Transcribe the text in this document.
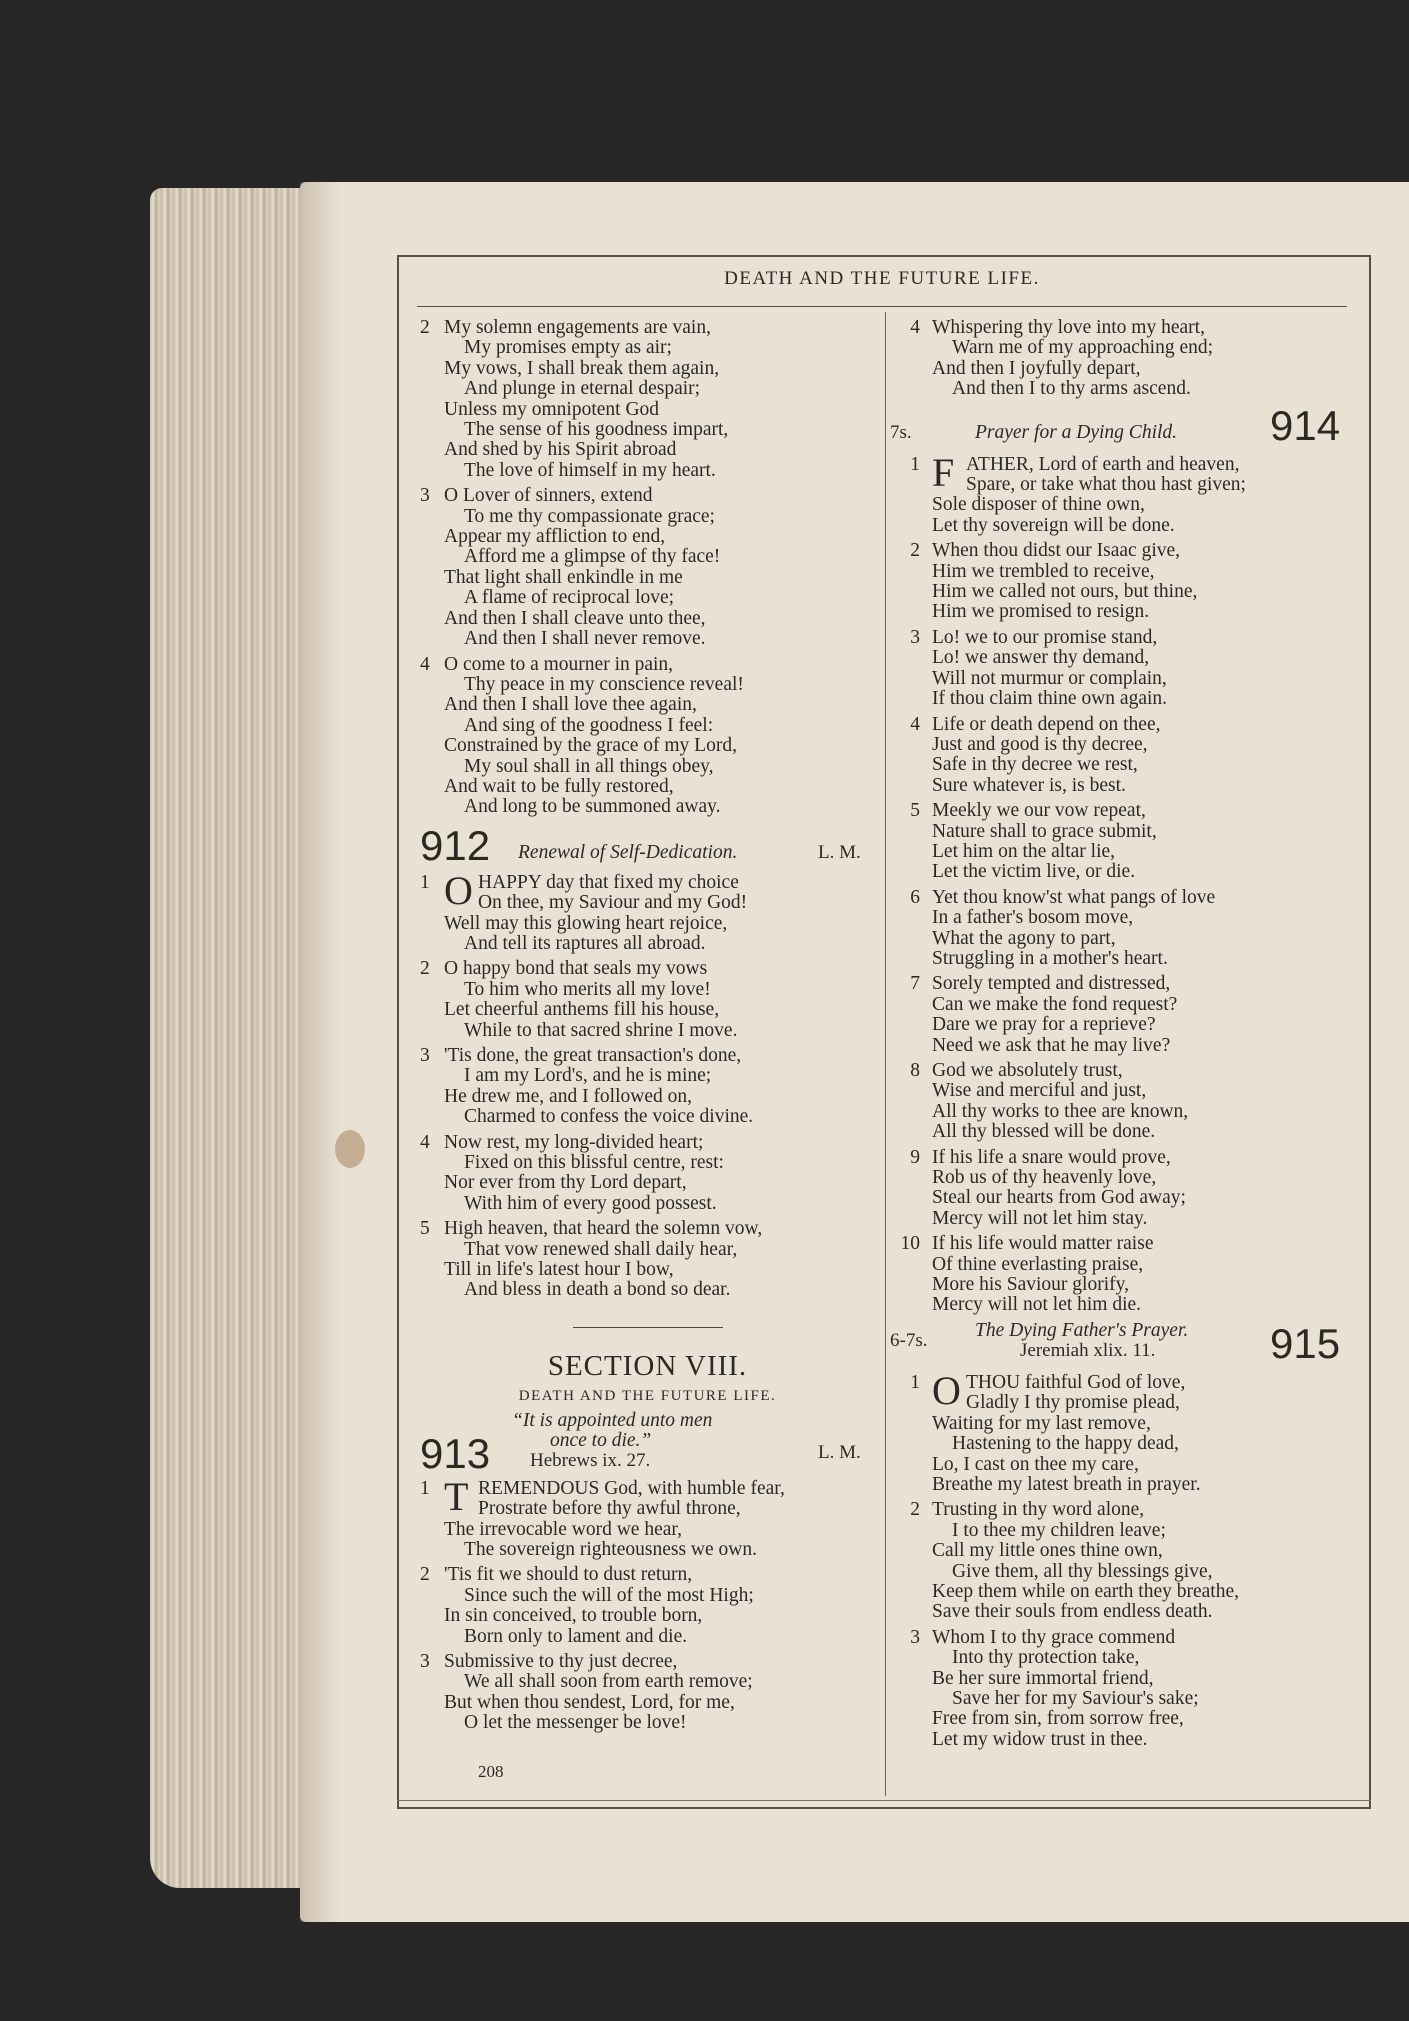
DEATH AND THE FUTURE LIFE.
2 My solemn engagements are vain,
My promises empty as air;
My vows, I shall break them again,
And plunge in eternal despair;
Unless my omnipotent God
The sense of his goodness impart,
And shed by his Spirit abroad
The love of himself in my heart.
3 O Lover of sinners, extend
To me thy compassionate grace;
Appear my affliction to end,
Afford me a glimpse of thy face!
That light shall enkindle in me
A flame of reciprocal love;
And then I shall cleave unto thee,
And then I shall never remove.
4 O come to a mourner in pain,
Thy peace in my conscience reveal!
And then I shall love thee again,
And sing of the goodness I feel:
Constrained by the grace of my Lord,
My soul shall in all things obey,
And wait to be fully restored,
And long to be summoned away.
912 Renewal of Self-Dedication.	L. M.
1 O HAPPY day that fixed my choice
On thee, my Saviour and my God!
Well may this glowing heart rejoice,
And tell its raptures all abroad.
2 O happy bond that seals my vows
To him who merits all my love!
Let cheerful anthems fill his house,
While to that sacred shrine I move.
3 'Tis done, the great transaction's done,
I am my Lord's, and he is mine;
He drew me, and I followed on,
Charmed to confess the voice divine.
4 Now rest, my long-divided heart;
Fixed on this blissful centre, rest:
Nor ever from thy Lord depart,
With him of every good possest.
5 High heaven, that heard the solemn vow,
That vow renewed shall daily hear,
Till in life's latest hour I bow,
And bless in death a bond so dear.
SECTION VIII.
DEATH AND THE FUTURE LIFE.
913
“It is appointed unto men
once to die.”
Hebrews ix. 27.	L. M.
1 T REMENDOUS God, with humble fear,
Prostrate before thy awful throne,
The irrevocable word we hear,
The sovereign righteousness we own.
2 'Tis fit we should to dust return,
Since such the will of the most High;
In sin conceived, to trouble born,
Born only to lament and die.
3 Submissive to thy just decree,
We all shall soon from earth remove;
But when thou sendest, Lord, for me,
O let the messenger be love!
4 Whispering thy love into my heart,
Warn me of my approaching end;
And then I joyfully depart,
And then I to thy arms ascend.
7s.	Prayer for a Dying Child. 914
1 F ATHER, Lord of earth and heaven,
Spare, or take what thou hast given;
Sole disposer of thine own,
Let thy sovereign will be done.
2 When thou didst our Isaac give,
Him we trembled to receive,
Him we called not ours, but thine,
Him we promised to resign.
3 Lo! we to our promise stand,
Lo! we answer thy demand,
Will not murmur or complain,
If thou claim thine own again.
4 Life or death depend on thee,
Just and good is thy decree,
Safe in thy decree we rest,
Sure whatever is, is best.
5 Meekly we our vow repeat,
Nature shall to grace submit,
Let him on the altar lie,
Let the victim live, or die.
6 Yet thou know'st what pangs of love
In a father's bosom move,
What the agony to part,
Struggling in a mother's heart.
7 Sorely tempted and distressed,
Can we make the fond request?
Dare we pray for a reprieve?
Need we ask that he may live?
8 God we absolutely trust,
Wise and merciful and just,
All thy works to thee are known,
All thy blessed will be done.
9 If his life a snare would prove,
Rob us of thy heavenly love,
Steal our hearts from God away;
Mercy will not let him stay.
10 If his life would matter raise
Of thine everlasting praise,
More his Saviour glorify,
Mercy will not let him die.
6-7s. The Dying Father's Prayer.
Jeremiah xlix. 11.	915
1 O THOU faithful God of love,
Gladly I thy promise plead,
Waiting for my last remove,
Hastening to the happy dead,
Lo, I cast on thee my care,
Breathe my latest breath in prayer.
2 Trusting in thy word alone,
I to thee my children leave;
Call my little ones thine own,
Give them, all thy blessings give,
Keep them while on earth they breathe,
Save their souls from endless death.
3 Whom I to thy grace commend
Into thy protection take,
Be her sure immortal friend,
Save her for my Saviour's sake;
Free from sin, from sorrow free,
Let my widow trust in thee.
208
